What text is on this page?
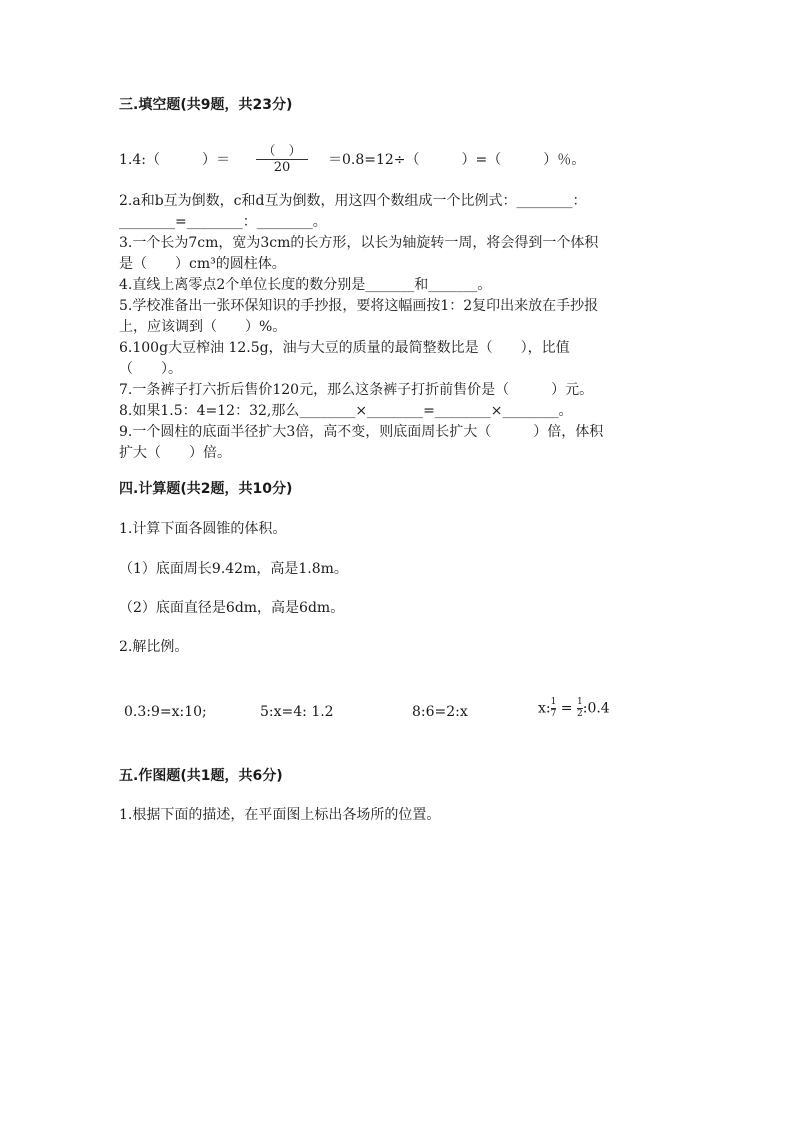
三.填空题(共9题，共23分)
1.4:（　　　）＝
（　）
20	＝0.8=12÷（　　　）=（　　　）％。
2.a和b互为倒数，c和d互为倒数，用这四个数组成一个比例式：________：
________=________：________。
3.一个长为7cm，宽为3cm的长方形，以长为轴旋转一周，将会得到一个体积
是（　　）cm³的圆柱体。
4.直线上离零点2个单位长度的数分别是_______和_______。
5.学校准备出一张环保知识的手抄报，要将这幅画按1：2复印出来放在手抄报
上，应该调到（　　）%。
6.100g大豆榨油 12.5g，油与大豆的质量的最简整数比是（　　），比值
（　　）。
7.一条裤子打六折后售价120元，那么这条裤子打折前售价是（　　　）元。
8.如果1.5：4=12：32,那么________×________=________×________。
9.一个圆柱的底面半径扩大3倍，高不变，则底面周长扩大（　　　）倍，体积
扩大（　　）倍。
四.计算题(共2题，共10分)
1.计算下面各圆锥的体积。
（1）底面周长9.42m，高是1.8m。
（2）底面直径是6dm，高是6dm。
2.解比例。
0.3:9=x:10;	5:x=4: 1.2	8:6=2:x	$x:\frac{1}{7}$ = $\frac{1}{2}:0.4$
五.作图题(共1题，共6分)
1.根据下面的描述，在平面图上标出各场所的位置。
